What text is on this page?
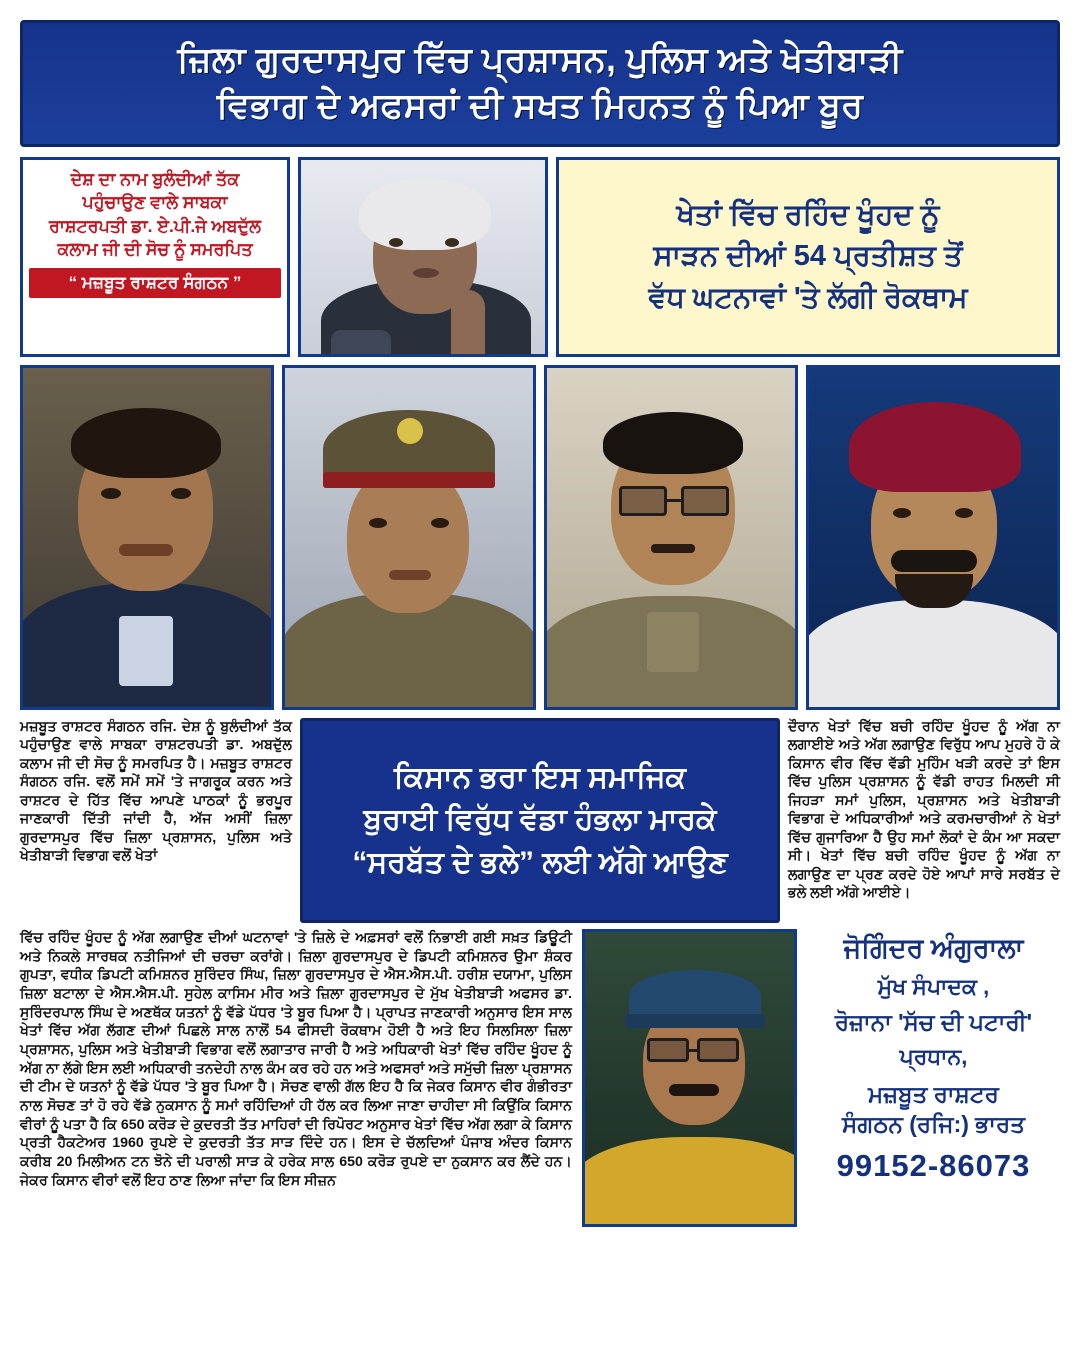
ਜ਼ਿਲਾ ਗੁਰਦਾਸਪੁਰ ਵਿੱਚ ਪ੍ਰਸ਼ਾਸਨ, ਪੁਲਿਸ ਅਤੇ ਖੇਤੀਬਾੜੀ
ਵਿਭਾਗ ਦੇ ਅਫਸਰਾਂ ਦੀ ਸਖਤ ਮਿਹਨਤ ਨੂੰ ਪਿਆ ਬੂਰ
ਦੇਸ਼ ਦਾ ਨਾਮ ਬੁਲੰਦੀਆਂ ਤੱਕ
ਪਹੁੰਚਾਉਣ ਵਾਲੇ ਸਾਬਕਾ
ਰਾਸ਼ਟਰਪਤੀ ਡਾ. ਏ.ਪੀ.ਜੇ ਅਬਦੁੱਲ
ਕਲਾਮ ਜੀ ਦੀ ਸੋਚ ਨੂੰ ਸਮਰਪਿਤ
“ ਮਜ਼ਬੂਤ ਰਾਸ਼ਟਰ ਸੰਗਠਨ ”
ਖੇਤਾਂ ਵਿੱਚ ਰਹਿੰਦ ਖੂੰਹਦ ਨੂੰ
ਸਾੜਨ ਦੀਆਂ 54 ਪ੍ਰਤੀਸ਼ਤ ਤੋਂ
ਵੱਧ ਘਟਨਾਵਾਂ 'ਤੇ ਲੱਗੀ ਰੋਕਥਾਮ
ਮਜ਼ਬੂਤ ਰਾਸ਼ਟਰ ਸੰਗਠਨ ਰਜਿ. ਦੇਸ਼ ਨੂੰ ਬੁਲੰਦੀਆਂ ਤੱਕ ਪਹੁੰਚਾਉਣ ਵਾਲੇ ਸਾਬਕਾ ਰਾਸ਼ਟਰਪਤੀ ਡਾ. ਅਬਦੁੱਲ ਕਲਾਮ ਜੀ ਦੀ ਸੋਚ ਨੂੰ ਸਮਰਪਿਤ ਹੈ। ਮਜ਼ਬੂਤ ਰਾਸ਼ਟਰ ਸੰਗਠਨ ਰਜਿ. ਵਲੋਂ ਸਮੇਂ ਸਮੇਂ 'ਤੇ ਜਾਗਰੂਕ ਕਰਨ ਅਤੇ ਰਾਸ਼ਟਰ ਦੇ ਹਿੱਤ ਵਿੱਚ ਆਪਣੇ ਪਾਠਕਾਂ ਨੂੰ ਭਰਪੂਰ ਜਾਣਕਾਰੀ ਦਿੱਤੀ ਜਾਂਦੀ ਹੈ, ਅੱਜ ਅਸੀਂ ਜ਼ਿਲਾ ਗੁਰਦਾਸਪੁਰ ਵਿੱਚ ਜ਼ਿਲਾ ਪ੍ਰਸ਼ਾਸਨ, ਪੁਲਿਸ ਅਤੇ ਖੇਤੀਬਾੜੀ ਵਿਭਾਗ ਵਲੋਂ ਖੇਤਾਂ
ਕਿਸਾਨ ਭਰਾ ਇਸ ਸਮਾਜਿਕ
ਬੁਰਾਈ ਵਿਰੁੱਧ ਵੱਡਾ ਹੰਭਲਾ ਮਾਰਕੇ
“ਸਰਬੱਤ ਦੇ ਭਲੇ” ਲਈ ਅੱਗੇ ਆਉਣ
ਦੌਰਾਨ ਖੇਤਾਂ ਵਿੱਚ ਬਚੀ ਰਹਿੰਦ ਖੂੰਹਦ ਨੂੰ ਅੱਗ ਨਾ ਲਗਾਈਏ ਅਤੇ ਅੱਗ ਲਗਾਉਣ ਵਿਰੁੱਧ ਆਪ ਮੁਹਰੇ ਹੋ ਕੇ ਕਿਸਾਨ ਵੀਰ ਵਿੱਚ ਵੱਡੀ ਮੁਹਿੰਮ ਖੜੀ ਕਰਦੇ ਤਾਂ ਇਸ ਵਿੱਚ ਪੁਲਿਸ ਪ੍ਰਸ਼ਾਸਨ ਨੂੰ ਵੱਡੀ ਰਾਹਤ ਮਿਲਦੀ ਸੀ ਜਿਹੜਾ ਸਮਾਂ ਪੁਲਿਸ, ਪ੍ਰਸ਼ਾਸਨ ਅਤੇ ਖੇਤੀਬਾੜੀ ਵਿਭਾਗ ਦੇ ਅਧਿਕਾਰੀਆਂ ਅਤੇ ਕਰਮਚਾਰੀਆਂ ਨੇ ਖੇਤਾਂ ਵਿੱਚ ਗੁਜਾਰਿਆ ਹੈ ਉਹ ਸਮਾਂ ਲੋਕਾਂ ਦੇ ਕੰਮ ਆ ਸਕਦਾ ਸੀ। ਖੇਤਾਂ ਵਿੱਚ ਬਚੀ ਰਹਿੰਦ ਖੂੰਹਦ ਨੂੰ ਅੱਗ ਨਾ ਲਗਾਉਣ ਦਾ ਪ੍ਰਣ ਕਰਦੇ ਹੋਏ ਆਪਾਂ ਸਾਰੇ ਸਰਬੱਤ ਦੇ ਭਲੇ ਲਈ ਅੱਗੇ ਆਈਏ।
ਵਿੱਚ ਰਹਿੰਦ ਖੂੰਹਦ ਨੂੰ ਅੱਗ ਲਗਾਉਣ ਦੀਆਂ ਘਟਨਾਵਾਂ 'ਤੇ ਜ਼ਿਲੇ ਦੇ ਅਫ਼ਸਰਾਂ ਵਲੋਂ ਨਿਭਾਈ ਗਈ ਸਖ਼ਤ ਡਿਊਟੀ ਅਤੇ ਨਿਕਲੇ ਸਾਰਥਕ ਨਤੀਜਿਆਂ ਦੀ ਚਰਚਾ ਕਰਾਂਗੇ। ਜ਼ਿਲਾ ਗੁਰਦਾਸਪੁਰ ਦੇ ਡਿਪਟੀ ਕਮਿਸ਼ਨਰ ਉਮਾ ਸ਼ੰਕਰ ਗੁਪਤਾ, ਵਧੀਕ ਡਿਪਟੀ ਕਮਿਸ਼ਨਰ ਸੁਰਿੰਦਰ ਸਿੰਘ, ਜ਼ਿਲਾ ਗੁਰਦਾਸਪੁਰ ਦੇ ਐਸ.ਐਸ.ਪੀ. ਹਰੀਸ਼ ਦਯਾਮਾ, ਪੁਲਿਸ ਜ਼ਿਲਾ ਬਟਾਲਾ ਦੇ ਐਸ.ਐਸ.ਪੀ. ਸੁਹੇਲ ਕਾਸਿਮ ਮੀਰ ਅਤੇ ਜ਼ਿਲਾ ਗੁਰਦਾਸਪੁਰ ਦੇ ਮੁੱਖ ਖੇਤੀਬਾੜੀ ਅਫਸਰ ਡਾ. ਸੁਰਿੰਦਰਪਾਲ ਸਿੰਘ ਦੇ ਅਣਥੱਕ ਯਤਨਾਂ ਨੂੰ ਵੱਡੇ ਪੱਧਰ 'ਤੇ ਬੂਰ ਪਿਆ ਹੈ। ਪ੍ਰਾਪਤ ਜਾਣਕਾਰੀ ਅਨੁਸਾਰ ਇਸ ਸਾਲ ਖੇਤਾਂ ਵਿੱਚ ਅੱਗ ਲੱਗਣ ਦੀਆਂ ਪਿਛਲੇ ਸਾਲ ਨਾਲੋਂ 54 ਫੀਸਦੀ ਰੋਕਥਾਮ ਹੋਈ ਹੈ ਅਤੇ ਇਹ ਸਿਲਸਿਲਾ ਜ਼ਿਲਾ ਪ੍ਰਸ਼ਾਸਨ, ਪੁਲਿਸ ਅਤੇ ਖੇਤੀਬਾੜੀ ਵਿਭਾਗ ਵਲੋਂ ਲਗਾਤਾਰ ਜਾਰੀ ਹੈ ਅਤੇ ਅਧਿਕਾਰੀ ਖੇਤਾਂ ਵਿੱਚ ਰਹਿੰਦ ਖੂੰਹਦ ਨੂੰ ਅੱਗ ਨਾ ਲੱਗੇ ਇਸ ਲਈ ਅਧਿਕਾਰੀ ਤਨਦੇਹੀ ਨਾਲ ਕੰਮ ਕਰ ਰਹੇ ਹਨ ਅਤੇ ਅਫਸਰਾਂ ਅਤੇ ਸਮੁੱਚੀ ਜ਼ਿਲਾ ਪ੍ਰਸ਼ਾਸਨ ਦੀ ਟੀਮ ਦੇ ਯਤਨਾਂ ਨੂੰ ਵੱਡੇ ਪੱਧਰ 'ਤੇ ਬੂਰ ਪਿਆ ਹੈ। ਸੋਚਣ ਵਾਲੀ ਗੱਲ ਇਹ ਹੈ ਕਿ ਜੇਕਰ ਕਿਸਾਨ ਵੀਰ ਗੰਭੀਰਤਾ ਨਾਲ ਸੋਚਣ ਤਾਂ ਹੋ ਰਹੇ ਵੱਡੇ ਨੁਕਸਾਨ ਨੂੰ ਸਮਾਂ ਰਹਿੰਦਿਆਂ ਹੀ ਹੱਲ ਕਰ ਲਿਆ ਜਾਣਾ ਚਾਹੀਦਾ ਸੀ ਕਿਉਂਕਿ ਕਿਸਾਨ ਵੀਰਾਂ ਨੂੰ ਪਤਾ ਹੈ ਕਿ 650 ਕਰੋੜ ਦੇ ਕੁਦਰਤੀ ਤੱਤ ਮਾਹਿਰਾਂ ਦੀ ਰਿਪੋਰਟ ਅਨੁਸਾਰ ਖੇਤਾਂ ਵਿੱਚ ਅੱਗ ਲਗਾ ਕੇ ਕਿਸਾਨ ਪ੍ਰਤੀ ਹੈਕਟੇਅਰ 1960 ਰੁਪਏ ਦੇ ਕੁਦਰਤੀ ਤੱਤ ਸਾੜ ਦਿੰਦੇ ਹਨ। ਇਸ ਦੇ ਚੱਲਦਿਆਂ ਪੰਜਾਬ ਅੰਦਰ ਕਿਸਾਨ ਕਰੀਬ 20 ਮਿਲੀਅਨ ਟਨ ਝੋਨੇ ਦੀ ਪਰਾਲੀ ਸਾੜ ਕੇ ਹਰੇਕ ਸਾਲ 650 ਕਰੋੜ ਰੁਪਏ ਦਾ ਨੁਕਸਾਨ ਕਰ ਲੈਂਦੇ ਹਨ। ਜੇਕਰ ਕਿਸਾਨ ਵੀਰਾਂ ਵਲੋਂ ਇਹ ਠਾਣ ਲਿਆ ਜਾਂਦਾ ਕਿ ਇਸ ਸੀਜ਼ਨ
ਜੋਗਿੰਦਰ ਅੰਗੁਰਾਲਾ
ਮੁੱਖ ਸੰਪਾਦਕ ,
ਰੋਜ਼ਾਨਾ 'ਸੱਚ ਦੀ ਪਟਾਰੀ'
ਪ੍ਰਧਾਨ,
ਮਜ਼ਬੂਤ ਰਾਸ਼ਟਰ
ਸੰਗਠਨ (ਰਜਿ:) ਭਾਰਤ
99152-86073
